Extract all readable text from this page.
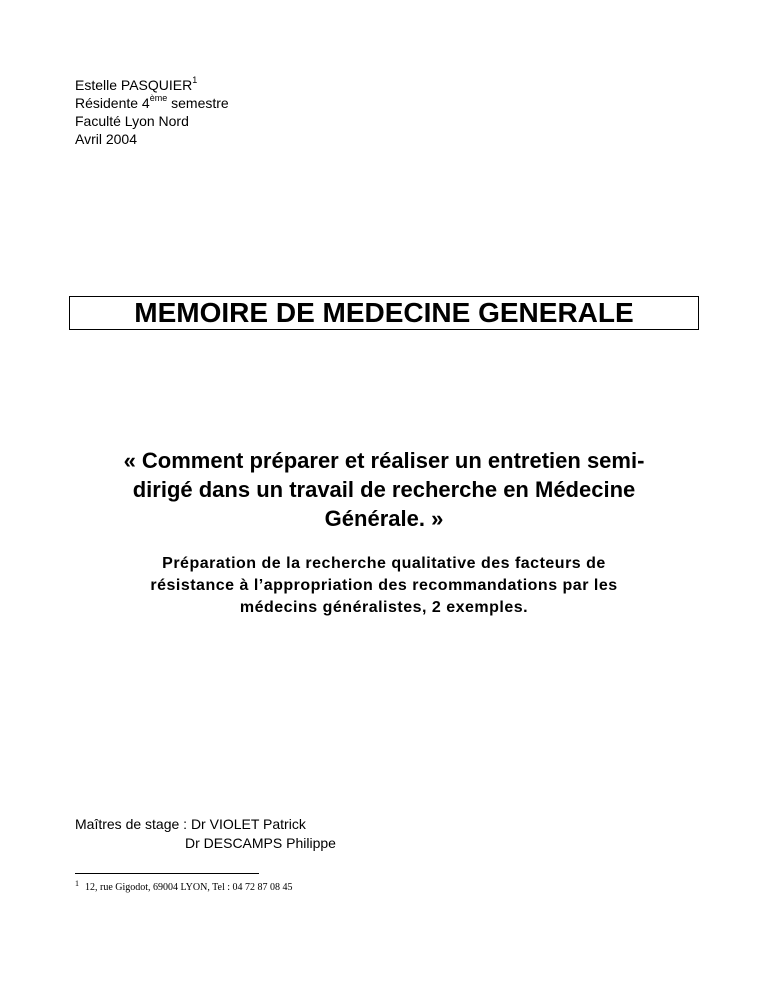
Estelle PASQUIER$^1$
Résidente 4ème semestre
Faculté Lyon Nord
Avril 2004
MEMOIRE DE MEDECINE GENERALE
« Comment préparer et réaliser un entretien semi-
dirigé dans un travail de recherche en Médecine
Générale. »
Préparation de la recherche qualitative des facteurs de
résistance à l’appropriation des recommandations par les
médecins généralistes, 2 exemples.
Maîtres de stage : Dr VIOLET Patrick
Dr DESCAMPS Philippe
1 12, rue Gigodot, 69004 LYON, Tel : 04 72 87 08 45
